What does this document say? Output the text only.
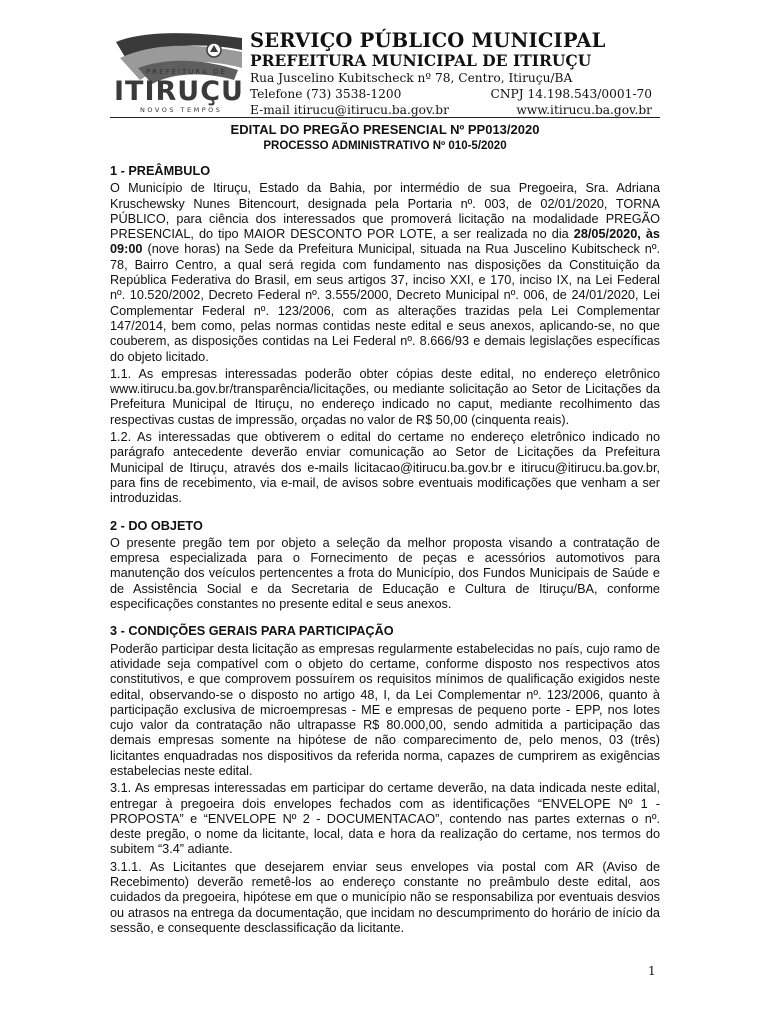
PREFEITURA DE
ITIRUÇU
NOVOS TEMPOS
SERVIÇO PÚBLICO MUNICIPAL
PREFEITURA MUNICIPAL DE ITIRUÇU
Rua Juscelino Kubitscheck nº 78, Centro, Itiruçu/BA
Telefone (73) 3538-1200	CNPJ 14.198.543/0001-70
E-mail itirucu@itirucu.ba.gov.br	www.itirucu.ba.gov.br
EDITAL DO PREGÃO PRESENCIAL Nº PP013/2020
PROCESSO ADMINISTRATIVO Nº 010-5/2020
1 - PREÂMBULO

O Município de Itiruçu, Estado da Bahia, por intermédio de sua Pregoeira, Sra. Adriana Kruschewsky Nunes Bitencourt, designada pela Portaria nº. 003, de 02/01/2020, TORNA PÚBLICO, para ciência dos interessados que promoverá licitação na modalidade PREGÃO PRESENCIAL, do tipo MAIOR DESCONTO POR LOTE, a ser realizada no dia 28/05/2020, às 09:00 (nove horas) na Sede da Prefeitura Municipal, situada na Rua Juscelino Kubitscheck nº. 78, Bairro Centro, a qual será regida com fundamento nas disposições da Constituição da República Federativa do Brasil, em seus artigos 37, inciso XXI, e 170, inciso IX, na Lei Federal nº. 10.520/2002, Decreto Federal nº. 3.555/2000, Decreto Municipal nº. 006, de 24/01/2020, Lei Complementar Federal nº. 123/2006, com as alterações trazidas pela Lei Complementar 147/2014, bem como, pelas normas contidas neste edital e seus anexos, aplicando-se, no que couberem, as disposições contidas na Lei Federal nº. 8.666/93 e demais legislações específicas do objeto licitado.

1.1. As empresas interessadas poderão obter cópias deste edital, no endereço eletrônico www.itirucu.ba.gov.br/transparência/licitações, ou mediante solicitação ao Setor de Licitações da Prefeitura Municipal de Itiruçu, no endereço indicado no caput, mediante recolhimento das respectivas custas de impressão, orçadas no valor de R$ 50,00 (cinquenta reais).

1.2. As interessadas que obtiverem o edital do certame no endereço eletrônico indicado no parágrafo antecedente deverão enviar comunicação ao Setor de Licitações da Prefeitura Municipal de Itiruçu, através dos e-mails licitacao@itirucu.ba.gov.br e itirucu@itirucu.ba.gov.br, para fins de recebimento, via e-mail, de avisos sobre eventuais modificações que venham a ser introduzidas.

2 - DO OBJETO

O presente pregão tem por objeto a seleção da melhor proposta visando a contratação de empresa especializada para o Fornecimento de peças e acessórios automotivos para manutenção dos veículos pertencentes a frota do Município, dos Fundos Municipais de Saúde e de Assistência Social e da Secretaria de Educação e Cultura de Itiruçu/BA, conforme especificações constantes no presente edital e seus anexos.

3 - CONDIÇÕES GERAIS PARA PARTICIPAÇÃO

Poderão participar desta licitação as empresas regularmente estabelecidas no país, cujo ramo de atividade seja compatível com o objeto do certame, conforme disposto nos respectivos atos constitutivos, e que comprovem possuírem os requisitos mínimos de qualificação exigidos neste edital, observando-se o disposto no artigo 48, I, da Lei Complementar nº. 123/2006, quanto à participação exclusiva de microempresas - ME e empresas de pequeno porte - EPP, nos lotes cujo valor da contratação não ultrapasse R$ 80.000,00, sendo admitida a participação das demais empresas somente na hipótese de não comparecimento de, pelo menos, 03 (três) licitantes enquadradas nos dispositivos da referida norma, capazes de cumprirem as exigências estabelecias neste edital.

3.1. As empresas interessadas em participar do certame deverão, na data indicada neste edital, entregar à pregoeira dois envelopes fechados com as identificações “ENVELOPE Nº 1 - PROPOSTA” e “ENVELOPE Nº 2 - DOCUMENTACAO”, contendo nas partes externas o nº. deste pregão, o nome da licitante, local, data e hora da realização do certame, nos termos do subitem “3.4” adiante.

3.1.1. As Licitantes que desejarem enviar seus envelopes via postal com AR (Aviso de Recebimento) deverão remetê-los ao endereço constante no preâmbulo deste edital, aos cuidados da pregoeira, hipótese em que o município não se responsabiliza por eventuais desvios ou atrasos na entrega da documentação, que incidam no descumprimento do horário de início da sessão, e consequente desclassificação da licitante.

1
